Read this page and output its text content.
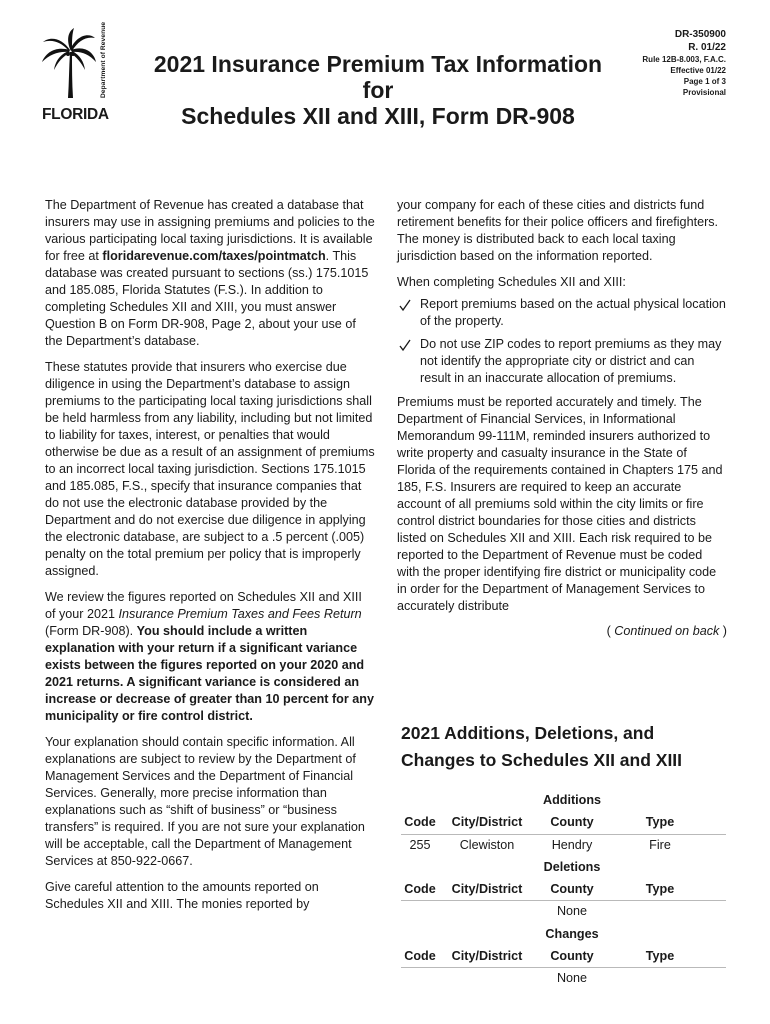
Department of Revenue
FLORIDA
2021 Insurance Premium Tax Information
for
Schedules XII and XIII, Form DR-908
DR-350900
R. 01/22
Rule 12B-8.003, F.A.C.
Effective 01/22
Page 1 of 3
Provisional

The Department of Revenue has created a database that insurers may use in assigning premiums and policies to the various participating local taxing jurisdictions. It is available for free at floridarevenue.com/taxes/pointmatch. This database was created pursuant to sections (ss.) 175.1015 and 185.085, Florida Statutes (F.S.). In addition to completing Schedules XII and XIII, you must answer Question B on Form DR-908, Page 2, about your use of the Department’s database.

These statutes provide that insurers who exercise due diligence in using the Department’s database to assign premiums to the participating local taxing jurisdictions shall be held harmless from any liability, including but not limited to liability for taxes, interest, or penalties that would otherwise be due as a result of an assignment of premiums to an incorrect local taxing jurisdiction. Sections 175.1015 and 185.085, F.S., specify that insurance companies that do not use the electronic database provided by the Department and do not exercise due diligence in applying the electronic database, are subject to a .5 percent (.005) penalty on the total premium per policy that is improperly assigned.

We review the figures reported on Schedules XII and XIII of your 2021 Insurance Premium Taxes and Fees Return (Form DR-908). You should include a written explanation with your return if a significant variance exists between the figures reported on your 2020 and 2021 returns. A significant variance is considered an increase or decrease of greater than 10 percent for any municipality or fire control district.

Your explanation should contain specific information. All explanations are subject to review by the Department of Management Services and the Department of Financial Services. Generally, more precise information than explanations such as “shift of business” or “business transfers” is required. If you are not sure your explanation will be acceptable, call the Department of Management Services at 850-922-0667.

Give careful attention to the amounts reported on Schedules XII and XIII. The monies reported by

your company for each of these cities and districts fund retirement benefits for their police officers and firefighters. The money is distributed back to each local taxing jurisdiction based on the information reported.

When completing Schedules XII and XIII:

Report premiums based on the actual physical location of the property.
Do not use ZIP codes to report premiums as they may not identify the appropriate city or district and can result in an inaccurate allocation of premiums.

Premiums must be reported accurately and timely. The Department of Financial Services, in Informational Memorandum 99-111M, reminded insurers authorized to write property and casualty insurance in the State of Florida of the requirements contained in Chapters 175 and 185, F.S. Insurers are required to keep an accurate account of all premiums sold within the city limits or fire control district boundaries for those cities and districts listed on Schedules XII and XIII. Each risk required to be reported to the Department of Revenue must be coded with the proper identifying fire district or municipality code in order for the Department of Management Services to accurately distribute

( Continued on back )
2021 Additions, Deletions, and Changes to Schedules XII and XIII
Additions
Code	City/District	County	Type
255	Clewiston	Hendry	Fire
Deletions
Code	City/District	County	Type
None
Changes
Code	City/District	County	Type
None
